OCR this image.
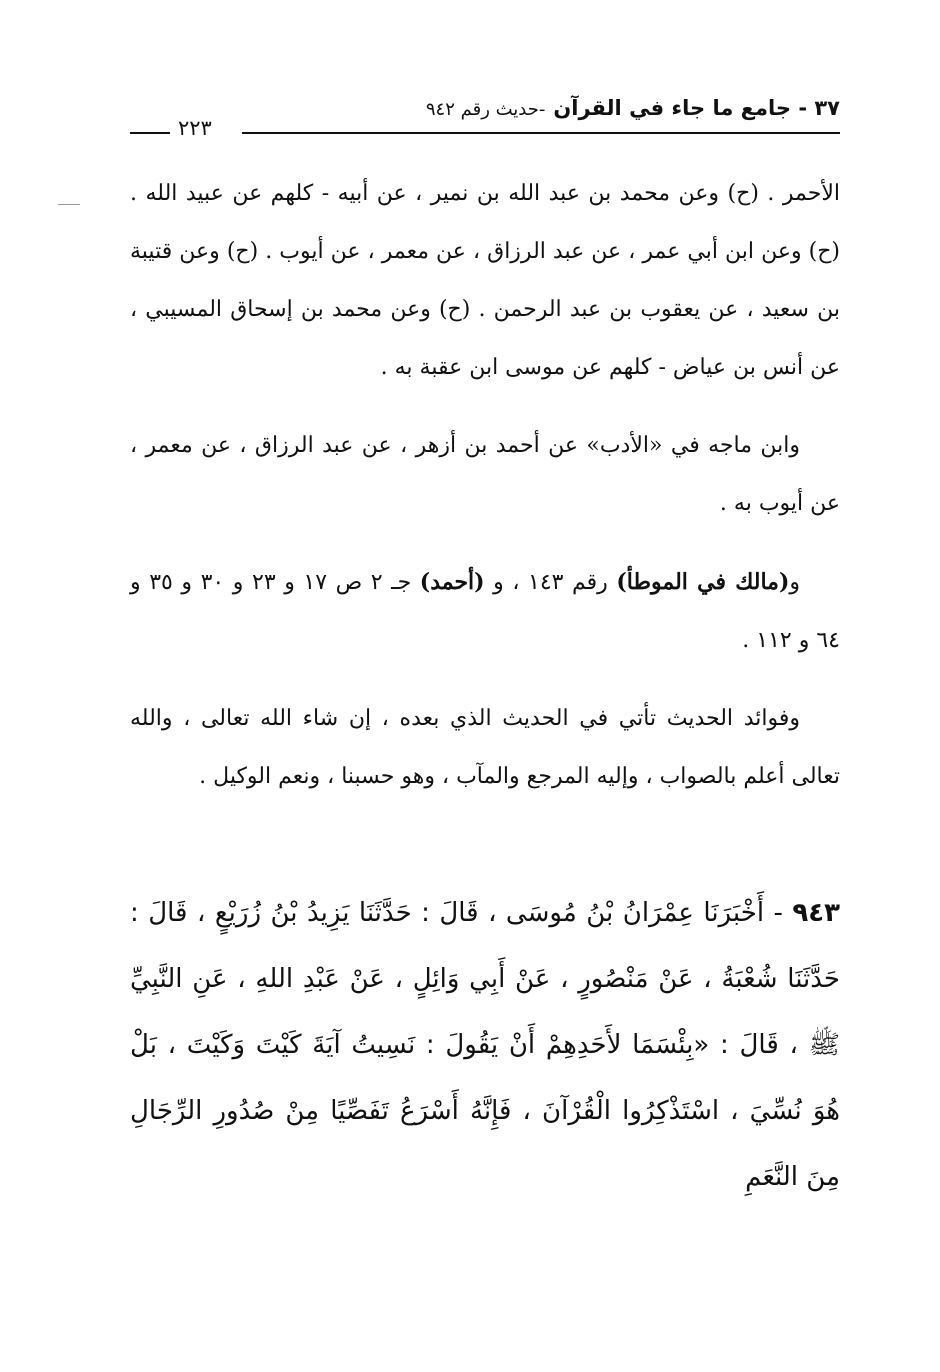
٣٧ - جامع ما جاء في القرآن-حديث رقم ٩٤٢
٢٢٣

الأحمر . (ح) وعن محمد بن عبد الله بن نمير ، عن أبيه - كلهم عن عبيد الله . (ح) وعن ابن أبي عمر ، عن عبد الرزاق ، عن معمر ، عن أيوب . (ح) وعن قتيبة بن سعيد ، عن يعقوب بن عبد الرحمن . (ح) وعن محمد بن إسحاق المسيبي ، عن أنس بن عياض - كلهم عن موسى ابن عقبة به .

وابن ماجه في «الأدب» عن أحمد بن أزهر ، عن عبد الرزاق ، عن معمر ، عن أيوب به .

و(مالك في الموطأ) رقم ١٤٣ ، و (أحمد) جـ ٢ ص ١٧ و ٢٣ و ٣٠ و ٣٥ و ٦٤ و ١١٢ .

وفوائد الحديث تأتي في الحديث الذي بعده ، إن شاء الله تعالى ، والله تعالى أعلم بالصواب ، وإليه المرجع والمآب ، وهو حسبنا ، ونعم الوكيل .

٩٤٣ - أَخْبَرَنَا عِمْرَانُ بْنُ مُوسَى ، قَالَ : حَدَّثَنَا يَزِيدُ بْنُ زُرَيْعٍ ، قَالَ : حَدَّثَنَا شُعْبَةُ ، عَنْ مَنْصُورٍ ، عَنْ أَبِي وَائِلٍ ، عَنْ عَبْدِ اللهِ ، عَنِ النَّبِيِّ ﷺ ، قَالَ : «بِئْسَمَا لأَحَدِهِمْ أَنْ يَقُولَ : نَسِيتُ آيَةَ كَيْتَ وَكَيْتَ ، بَلْ هُوَ نُسِّيَ ، اسْتَذْكِرُوا الْقُرْآنَ ، فَإِنَّهُ أَسْرَعُ تَفَصِّيًا مِنْ صُدُورِ الرِّجَالِ مِنَ النَّعَمِ
